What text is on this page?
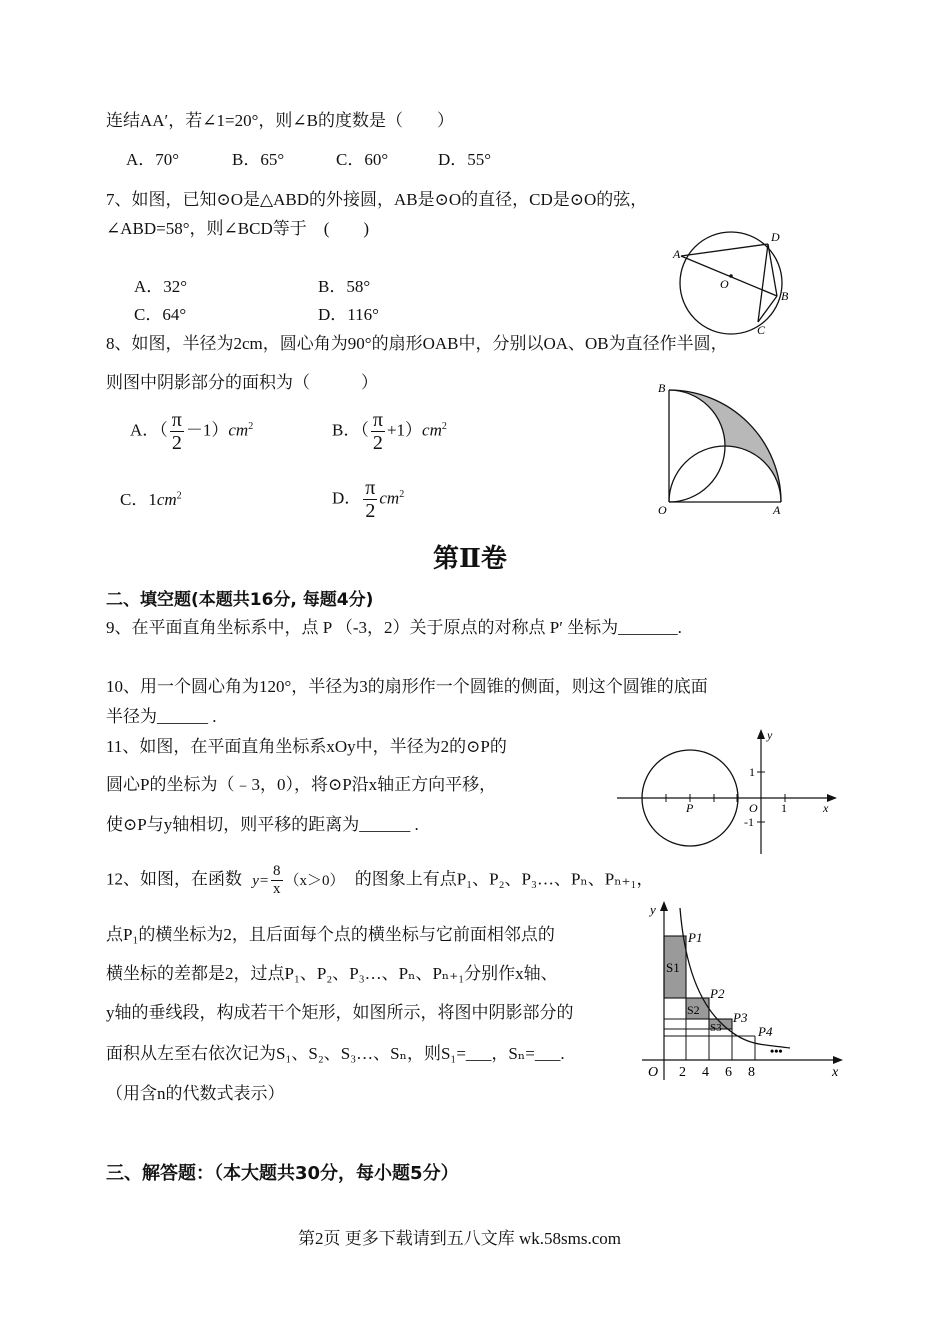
连结AA′，若∠1=20°，则∠B的度数是（　　）
A．70°	B．65°	C．60°	D．55°
7、如图，已知⊙O是△ABD的外接圆，AB是⊙O的直径，CD是⊙O的弦，
∠ABD=58°，则∠BCD等于　(　　)
A．32°	B．58°
C．64°	D．116°
A
D
O
B
C
8、如图，半径为2cm，圆心角为90°的扇形OAB中，分别以OA、OB为直径作半圆，
则图中阴影部分的面积为（　　　）
A．（ $\frac{\pi}{2} -1)cm^2$	B．（ $\frac{\pi}{2} +1)cm^2$
C．$1cm^2$	D． $\frac{\pi}{2} cm^2$
B
O	A
第Ⅱ卷
二、填空题(本题共16分, 每题4分)
9、在平面直角坐标系中，点 P （-3，2）关于原点的对称点 P′ 坐标为_______.
10、用一个圆心角为120°，半径为3的扇形作一个圆锥的侧面，则这个圆锥的底面
半径为______ .
11、如图，在平面直角坐标系xOy中，半径为2的⊙P的
圆心P的坐标为（﹣3，0），将⊙P沿x轴正方向平移，
使⊙P与y轴相切，则平移的距离为______ .
y
1
O 1	x
-1
P
12、如图，在函数 $y= \frac{8}{x} (x>0)$ 的图象上有点P₁、P₂、P₃…、Pₙ、Pₙ₊₁，
点P₁的横坐标为2，且后面每个点的横坐标与它前面相邻点的
横坐标的差都是2，过点P₁、P₂、P₃…、Pₙ、Pₙ₊₁分别作x轴、
y轴的垂线段，构成若干个矩形，如图所示，将图中阴影部分的
面积从左至右依次记为S₁、S₂、S₃…、Sₙ，则S₁=___，Sₙ=___.
（用含n的代数式表示）
y
O 2 4 6 8	x
P1
P2
P3
P4
S1
S2
S3
•••
三、解答题：（本大题共30分，每小题5分）
第2页 更多下载请到五八文库 wk.58sms.com
